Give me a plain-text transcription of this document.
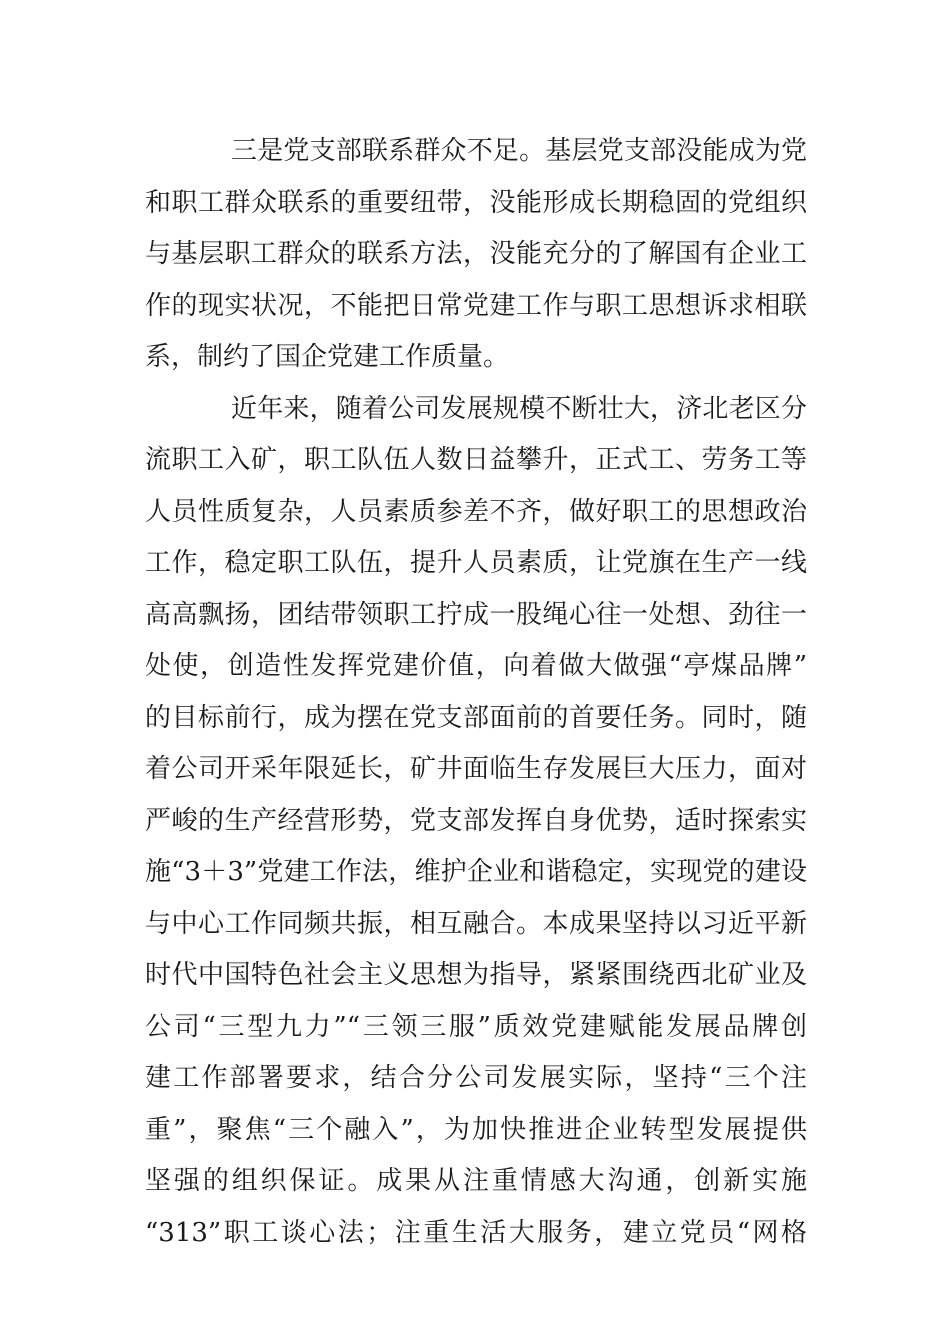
三是党支部联系群众不足。基层党支部没能成为党
和职工群众联系的重要纽带，没能形成长期稳固的党组织
与基层职工群众的联系方法，没能充分的了解国有企业工
作的现实状况，不能把日常党建工作与职工思想诉求相联
系，制约了国企党建工作质量。
近年来，随着公司发展规模不断壮大，济北老区分
流职工入矿，职工队伍人数日益攀升，正式工、劳务工等
人员性质复杂，人员素质参差不齐，做好职工的思想政治
工作，稳定职工队伍，提升人员素质，让党旗在生产一线
高高飘扬，团结带领职工拧成一股绳心往一处想、劲往一
处使，创造性发挥党建价值，向着做大做强“亭煤品牌”
的目标前行，成为摆在党支部面前的首要任务。同时，随
着公司开采年限延长，矿井面临生存发展巨大压力，面对
严峻的生产经营形势，党支部发挥自身优势，适时探索实
施“3＋3”党建工作法，维护企业和谐稳定，实现党的建设
与中心工作同频共振，相互融合。本成果坚持以习近平新
时代中国特色社会主义思想为指导，紧紧围绕西北矿业及
公司“三型九力”“三领三服”质效党建赋能发展品牌创
建工作部署要求，结合分公司发展实际，坚持“三个注
重”，聚焦“三个融入”，为加快推进企业转型发展提供
坚强的组织保证。成果从注重情感大沟通，创新实施
“313”职工谈心法；注重生活大服务，建立党员“网格
